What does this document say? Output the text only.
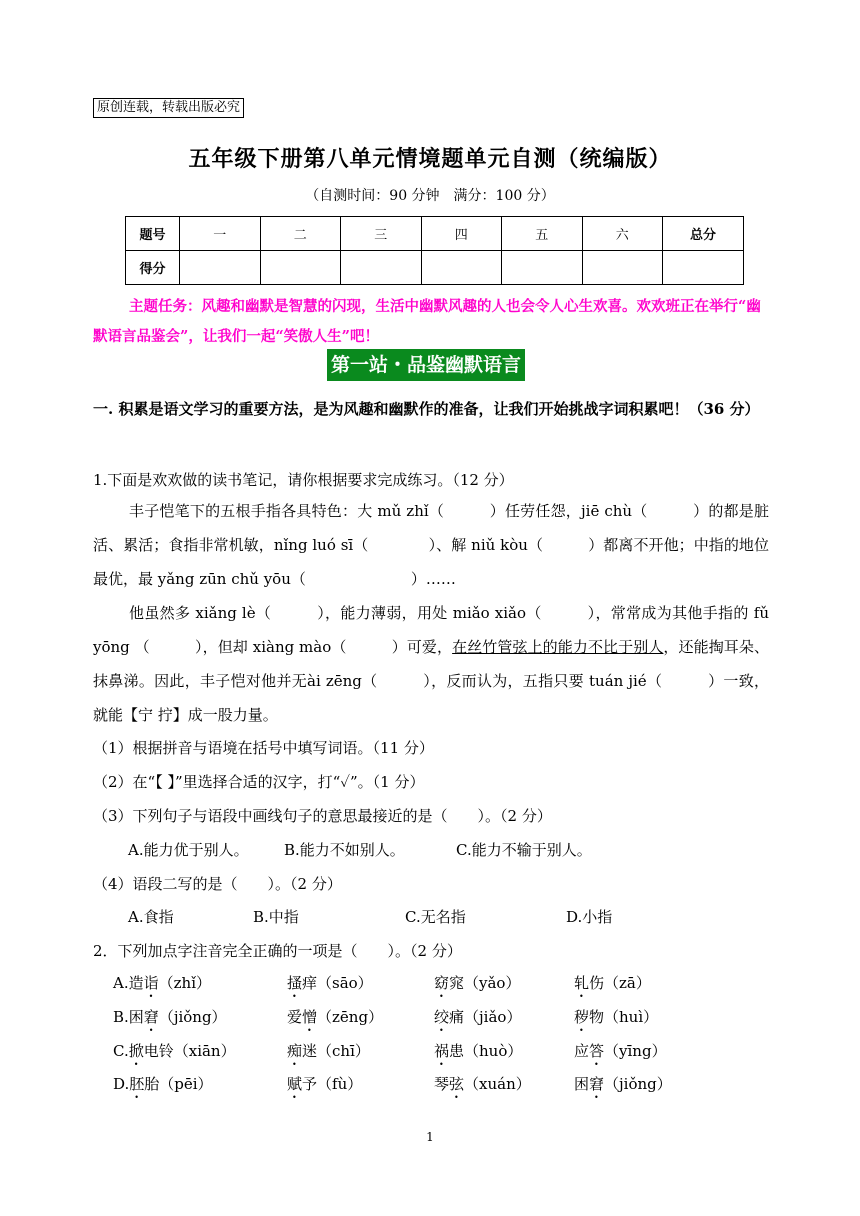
原创连载，转载出版必究
五年级下册第八单元情境题单元自测（统编版）
（自测时间：90 分钟　满分：100 分）
题号	一	二	三	四	五	六	总分
得分							
主题任务：风趣和幽默是智慧的闪现，生活中幽默风趣的人也会令人心生欢喜。欢欢班正在举行“幽默语言品鉴会”，让我们一起“笑傲人生”吧！
第一站・品鉴幽默语言
一. 积累是语文学习的重要方法，是为风趣和幽默作的准备，让我们开始挑战字词积累吧！（36 分）
1.下面是欢欢做的读书笔记，请你根据要求完成练习。（12 分）
丰子恺笔下的五根手指各具特色：大 mǔ zhǐ（　　　）任劳任怨，jiē chù（　　　）的都是脏活、累活；食指非常机敏，nǐng luó sī（　　　　）、解 niǔ kòu（　　　）都离不开他；中指的地位最优，最 yǎng zūn chǔ yōu（　　　　　　　）……
他虽然多 xiǎng lè（　　　），能力薄弱，用处 miǎo xiǎo（　　　），常常成为其他手指的 fǔ yōng （　　　），但却 xiàng mào（　　　）可爱，在丝竹管弦上的能力不比于别人，还能掏耳朵、抹鼻涕。因此，丰子恺对他并无ài zēng（　　　），反而认为，五指只要 tuán jié（　　　）一致，就能【宁 拧】成一股力量。
（1）根据拼音与语境在括号中填写词语。（11 分）
（2）在“【 】”里选择合适的汉字，打“✓”。（1 分）
（3）下列句子与语段中画线句子的意思最接近的是（　　）。（2 分）
A.能力优于别人。 B.能力不如别人。	C.能力不输于别人。
（4）语段二写的是（　　）。（2 分）
A.食指	B.中指	C.无名指	D.小指
2．下列加点字注音完全正确的一项是（　　）。（2 分）
A.造诣（zhǐ）	搔痒（sāo）	窈窕（yǎo）	轧伤（zā）
B.困窘（jiǒng）	爱憎（zēng）	绞痛（jiǎo）	秽物（huì）
C.掀电铃（xiān）	痴迷（chī）	祸患（huò）	应答（yīng）
D.胚胎（pēi）	赋予（fù）	琴弦（xuán）	困窘（jiǒng）
1
